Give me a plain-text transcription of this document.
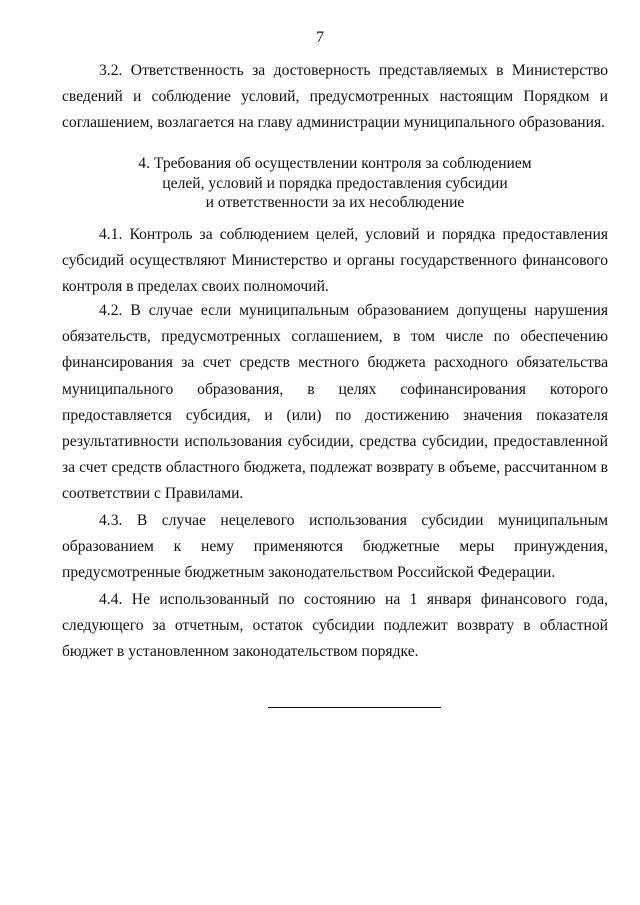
7

3.2. Ответственность за достоверность представляемых в Министерство сведений и соблюдение условий, предусмотренных настоящим Порядком и соглашением, возлагается на главу администрации муниципального образования.

4. Требования об осуществлении контроля за соблюдением
целей, условий и порядка предоставления субсидии
и ответственности за их несоблюдение

4.1. Контроль за соблюдением целей, условий и порядка предоставления субсидий осуществляют Министерство и органы государственного финансового контроля в пределах своих полномочий.

4.2. В случае если муниципальным образованием допущены нарушения обязательств, предусмотренных соглашением, в том числе по обеспечению финансирования за счет средств местного бюджета расходного обязательства муниципального образования, в целях софинансирования которого предоставляется субсидия, и (или) по достижению значения показателя результативности использования субсидии, средства субсидии, предоставленной за счет средств областного бюджета, подлежат возврату в объеме, рассчитанном в соответствии с Правилами.

4.3. В случае нецелевого использования субсидии муниципальным образованием к нему применяются бюджетные меры принуждения, предусмотренные бюджетным законодательством Российской Федерации.

4.4. Не использованный по состоянию на 1 января финансового года, следующего за отчетным, остаток субсидии подлежит возврату в областной бюджет в установленном законодательством порядке.
